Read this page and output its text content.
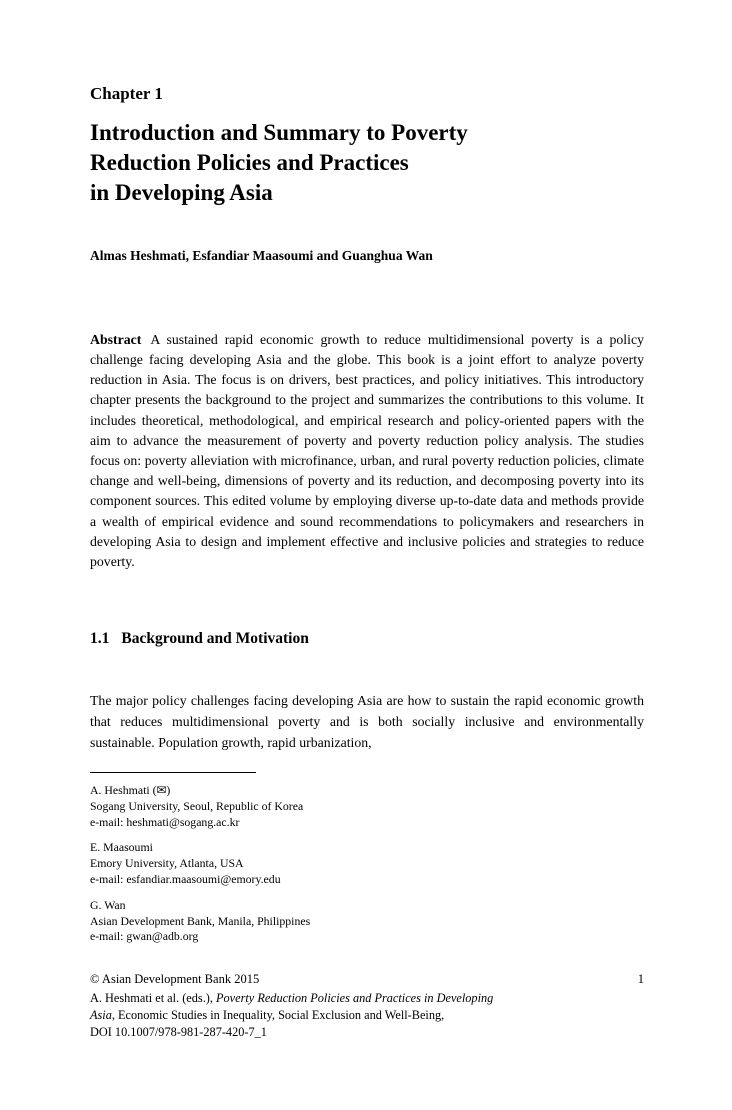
Chapter 1
Introduction and Summary to Poverty
Reduction Policies and Practices
in Developing Asia
Almas Heshmati, Esfandiar Maasoumi and Guanghua Wan

Abstract A sustained rapid economic growth to reduce multidimensional poverty is a policy challenge facing developing Asia and the globe. This book is a joint effort to analyze poverty reduction in Asia. The focus is on drivers, best practices, and policy initiatives. This introductory chapter presents the background to the project and summarizes the contributions to this volume. It includes theoretical, methodological, and empirical research and policy-oriented papers with the aim to advance the measurement of poverty and poverty reduction policy analysis. The studies focus on: poverty alleviation with microfinance, urban, and rural poverty reduction policies, climate change and well-being, dimensions of poverty and its reduction, and decomposing poverty into its component sources. This edited volume by employing diverse up-to-date data and methods provide a wealth of empirical evidence and sound recommendations to policymakers and researchers in developing Asia to design and implement effective and inclusive policies and strategies to reduce poverty.

1.1 Background and Motivation

The major policy challenges facing developing Asia are how to sustain the rapid economic growth that reduces multidimensional poverty and is both socially inclusive and environmentally sustainable. Population growth, rapid urbanization,

A. Heshmati (✉)
Sogang University, Seoul, Republic of Korea
e-mail: heshmati@sogang.ac.kr
E. Maasoumi
Emory University, Atlanta, USA
e-mail: esfandiar.maasoumi@emory.edu
G. Wan
Asian Development Bank, Manila, Philippines
e-mail: gwan@adb.org
© Asian Development Bank 2015	1
A. Heshmati et al. (eds.), Poverty Reduction Policies and Practices in Developing
Asia, Economic Studies in Inequality, Social Exclusion and Well-Being,
DOI 10.1007/978-981-287-420-7_1
